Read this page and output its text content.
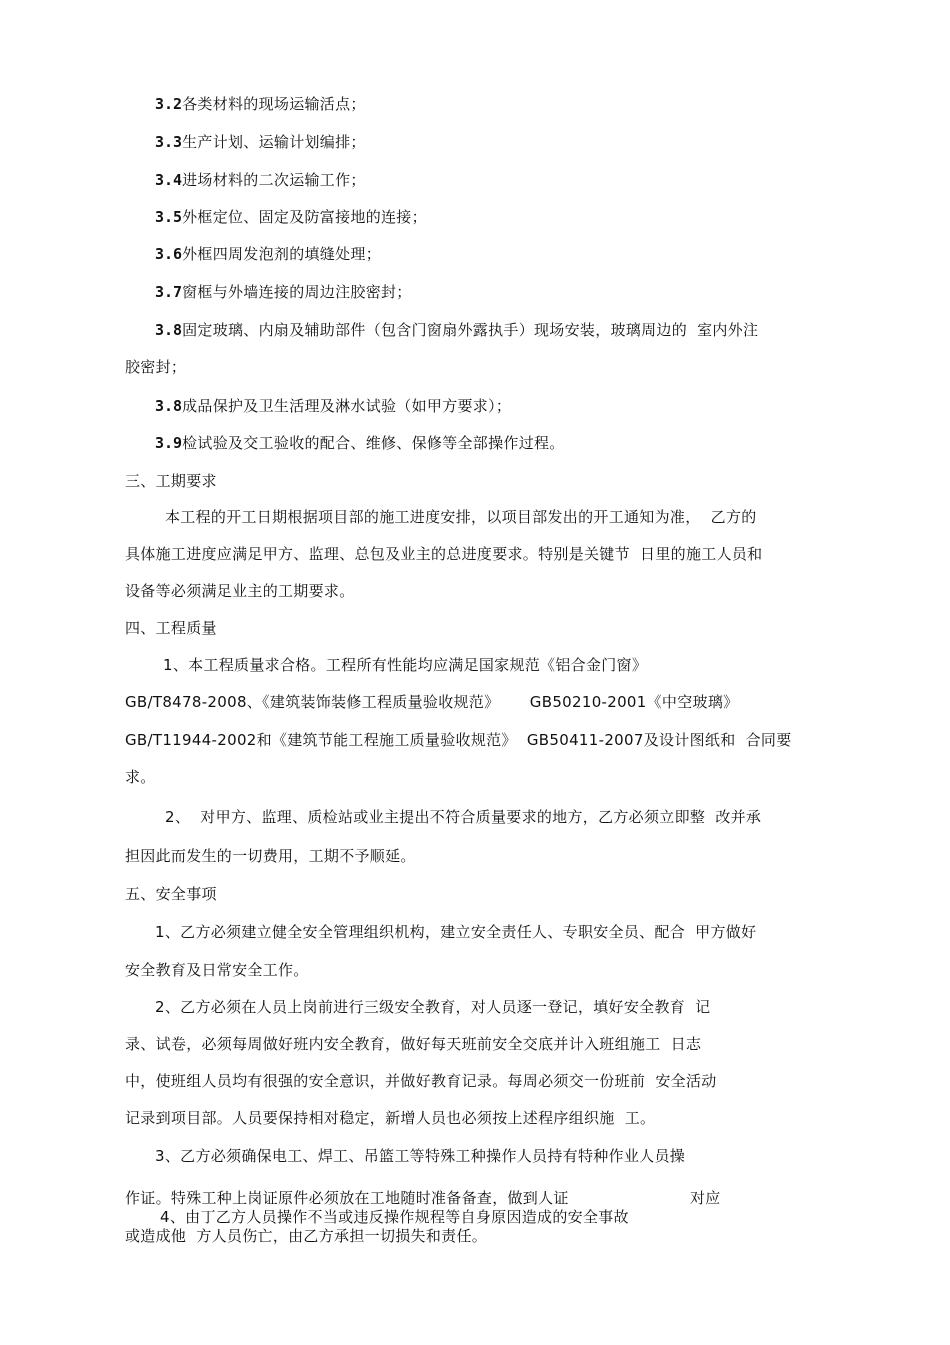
3.2各类材料的现场运输活点；
3.3生产计划、运输计划编排；
3.4进场材料的二次运输工作；
3.5外框定位、固定及防富接地的连接；
3.6外框四周发泡剂的填缝处理；
3.7窗框与外墙连接的周边注胶密封；
3.8固定玻璃、内扇及辅助部件（包含门窗扇外露执手）现场安装，玻璃周边的  室内外注
胶密封；
3.8成品保护及卫生活理及淋水试验（如甲方要求）；
3.9检试验及交工验收的配合、维修、保修等全部操作过程。
三、工期要求
本工程的开工日期根据项目部的施工进度安排，以项目部发出的开工通知为准，  乙方的
具体施工进度应满足甲方、监理、总包及业主的总进度要求。特别是关键节  日里的施工人员和
设备等必须满足业主的工期要求。
四、工程质量
1、本工程质量求合格。工程所有性能均应满足国家规范《铝合金门窗》
GB/T8478-2008、《建筑装饰装修工程质量验收规范》      GB50210-2001《中空玻璃》
GB/T11944-2002和《建筑节能工程施工质量验收规范》  GB50411-2007及设计图纸和  合同要
求。
2、  对甲方、监理、质检站或业主提出不符合质量要求的地方，乙方必须立即整  改并承
担因此而发生的一切费用，工期不予顺延。
五、安全事项
1、乙方必须建立健全安全管理组织机构，建立安全责任人、专职安全员、配合  甲方做好
安全教育及日常安全工作。
2、乙方必须在人员上岗前进行三级安全教育，对人员逐一登记，填好安全教育  记
录、试卷，必须每周做好班内安全教育，做好每天班前安全交底并计入班组施工  日志
中，使班组人员均有很强的安全意识，并做好教育记录。每周必须交一份班前  安全活动
记录到项目部。人员要保持相对稳定，新增人员也必须按上述程序组织施  工。
3、乙方必须确保电工、焊工、吊篮工等特殊工种操作人员持有特种作业人员操
作证。特殊工种上岗证原件必须放在工地随时准备备查，做到人证	对应
4、由丁乙方人员操作不当或违反操作规程等自身原因造成的安全事故
或造成他  方人员伤亡，由乙方承担一切损失和责任。
